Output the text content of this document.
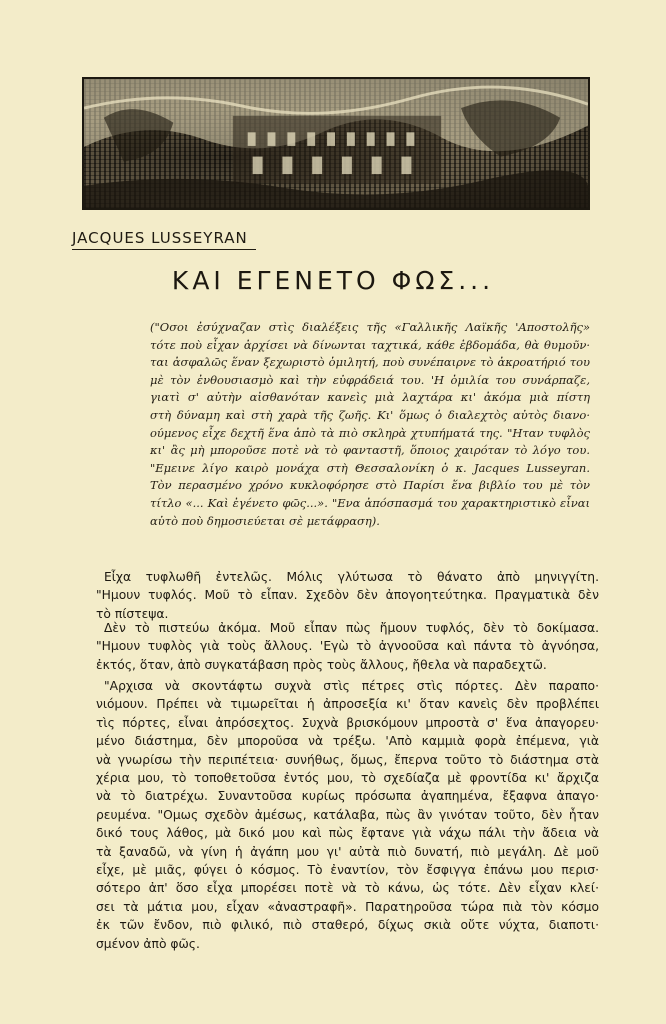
JACQUES LUSSEYRAN
ΚΑΙ ΕΓΕΝΕΤΟ ΦΩΣ...
("Οσοι ἐσύχναζαν στὶς διαλέξεις τῆς «Γαλλικῆς Λαϊκῆς 'Αποστολῆς»
τότε ποὺ εἶχαν ἀρχίσει νὰ δίνωνται ταχτικά, κάθε ἑβδομάδα, θὰ θυμοῦν·
ται ἀσφαλῶς ἕναν ξεχωριστὸ ὁμιλητή, ποὺ συνέπαιρνε τὸ ἀκροατήριό του
μὲ τὸν ἐνθουσιασμὸ καὶ τὴν εὐφράδειά του. 'Η ὁμιλία του συνάρπαζε,
γιατὶ σ' αὐτὴν αἰσθανόταν κανεὶς μιὰ λαχτάρα κι' ἀκόμα μιὰ πίστη
στὴ δύναμη καὶ στὴ χαρὰ τῆς ζωῆς. Κι' ὅμως ὁ διαλεχτὸς αὐτὸς διανο·
ούμενος εἶχε δεχτῆ ἕνα ἀπὸ τὰ πιὸ σκληρὰ χτυπήματά της. "Ηταν τυφλὸς
κι' ἂς μὴ μποροῦσε ποτὲ νὰ τὸ φανταστῆ, ὅποιος χαιρόταν τὸ λόγο του.
"Εμεινε λίγο καιρὸ μονάχα στὴ Θεσσαλονίκη ὁ κ. Jacques Lusseyran.
Τὸν περασμένο χρόνο κυκλοφόρησε στὸ Παρίσι ἕνα βιβλίο του μὲ τὸν
τίτλο «... Καὶ ἐγένετο φῶς...». "Ενα ἀπόσπασμά του χαρακτηριστικὸ εἶναι
αὐτὸ ποὺ δημοσιεύεται σὲ μετάφραση).
Εἶχα τυφλωθῆ ἐντελῶς. Μόλις γλύτωσα τὸ θάνατο ἀπὸ μηνιγγίτη.
"Ημουν τυφλός. Μοῦ τὸ εἶπαν. Σχεδὸν δὲν ἀπογοητεύτηκα. Πραγματικὰ δὲν
τὸ πίστεψα.
Δὲν τὸ πιστεύω ἀκόμα. Μοῦ εἶπαν πὼς ἤμουν τυφλός, δὲν τὸ δοκίμασα.
"Ημουν τυφλὸς γιὰ τοὺς ἄλλους. 'Εγὼ τὸ ἀγνοοῦσα καὶ πάντα τὸ ἀγνόησα,
ἐκτός, ὅταν, ἀπὸ συγκατάβαση πρὸς τοὺς ἄλλους, ἤθελα νὰ παραδεχτῶ.
"Αρχισα νὰ σκοντάφτω συχνὰ στὶς πέτρες στὶς πόρτες. Δὲν παραπο·
νιόμουν. Πρέπει νὰ τιμωρεῖται ἡ ἀπροσεξία κι' ὅταν κανεὶς δὲν προβλέπει
τὶς πόρτες, εἶναι ἀπρόσεχτος. Συχνὰ βρισκόμουν μπροστὰ σ' ἕνα ἀπαγορευ·
μένο διάστημα, δὲν μποροῦσα νὰ τρέξω. 'Απὸ καμμιὰ φορὰ ἐπέμενα, γιὰ
νὰ γνωρίσω τὴν περιπέτεια· συνήθως, ὅμως, ἔπερνα τοῦτο τὸ διάστημα στὰ
χέρια μου, τὸ τοποθετοῦσα ἐντός μου, τὸ σχεδίαζα μὲ φροντίδα κι' ἄρχιζα
νὰ τὸ διατρέχω. Συναντοῦσα κυρίως πρόσωπα ἀγαπημένα, ἔξαφνα ἀπαγο·
ρευμένα. "Ομως σχεδὸν ἀμέσως, κατάλαβα, πὼς ἂν γινόταν τοῦτο, δὲν ἦταν
δικό τους λάθος, μὰ δικό μου καὶ πὼς ἔφτανε γιὰ νάχω πάλι τὴν ἄδεια νὰ
τὰ ξαναδῶ, νὰ γίνη ἡ ἀγάπη μου γι' αὐτὰ πιὸ δυνατή, πιὸ μεγάλη. Δὲ μοῦ
εἶχε, μὲ μιᾶς, φύγει ὁ κόσμος. Τὸ ἐναντίον, τὸν ἔσφιγγα ἐπάνω μου περισ·
σότερο ἀπ' ὅσο εἶχα μπορέσει ποτὲ νὰ τὸ κάνω, ὡς τότε. Δὲν εἶχαν κλεί·
σει τὰ μάτια μου, εἶχαν «ἀναστραφῆ». Παρατηροῦσα τώρα πιὰ τὸν κόσμο
ἐκ τῶν ἔνδον, πιὸ φιλικό, πιὸ σταθερό, δίχως σκιὰ οὔτε νύχτα, διαποτι·
σμένον ἀπὸ φῶς.
